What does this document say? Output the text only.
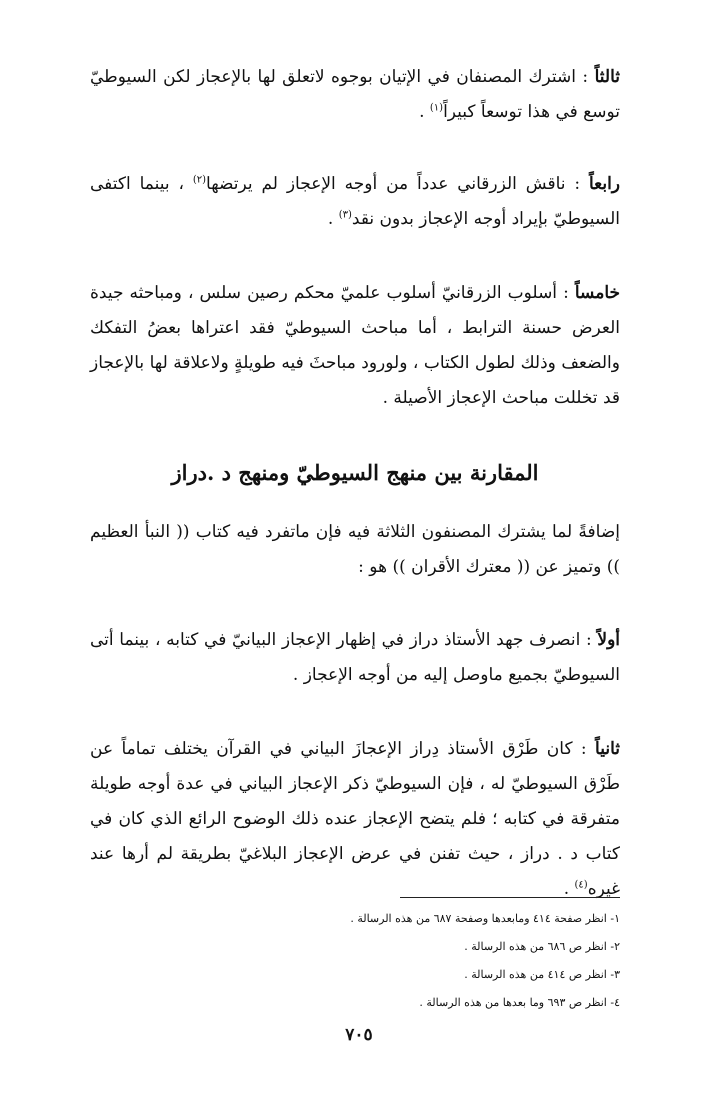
ثالثاً : اشترك المصنفان في الإتيان بوجوه لاتعلق لها بالإعجاز لكن السيوطيّ توسع في هذا توسعاً كبيراً$^{(١)}$ .

رابعاً : ناقش الزرقاني عدداً من أوجه الإعجاز لم يرتضها$^{(٢)}$ ، بينما اكتفى السيوطيّ بإيراد أوجه الإعجاز بدون نقد$^{(٣)}$ .

خامساً : أسلوب الزرقانيّ أسلوب علميّ محكم رصين سلس ، ومباحثه جيدة العرض حسنة الترابط ، أما مباحث السيوطيّ فقد اعتراها بعضُ التفكك والضعف وذلك لطول الكتاب ، ولورود مباحثَ فيه طويلةٍ ولاعلاقة لها بالإعجاز قد تخللت مباحث الإعجاز الأصيلة .

المقارنة بين منهج السيوطيّ ومنهج د .دراز

إضافةً لما يشترك المصنفون الثلاثة فيه فإن ماتفرد فيه كتاب (( النبأ العظيم )) وتميز عن (( معترك الأقران )) هو :

أولاً : انصرف جهد الأستاذ دراز في إظهار الإعجاز البيانيّ في كتابه ، بينما أتى السيوطيّ بجميع ماوصل إليه من أوجه الإعجاز .

ثانياً : كان طَرْق الأستاذ دِراز الإعجازَ البياني في القرآن يختلف تماماً عن طَرْق السيوطيّ له ، فإن السيوطيّ ذكر الإعجاز البياني في عدة أوجه طويلة متفرقة في كتابه ؛ فلم يتضح الإعجاز عنده ذلك الوضوح الرائع الذي كان في كتاب د . دراز ، حيث تفنن في عرض الإعجاز البلاغيّ بطريقة لم أرها عند غيره$^{(٤)}$ .

١- انظر صفحة ٤١٤ ومابعدها وصفحة ٦٨٧ من هذه الرسالة .
٢- انظر ص ٦٨٦ من هذه الرسالة .
٣- انظر ص ٤١٤ من هذه الرسالة .
٤- انظر ص ٦٩٣ وما بعدها من هذه الرسالة .
٧٠٥
